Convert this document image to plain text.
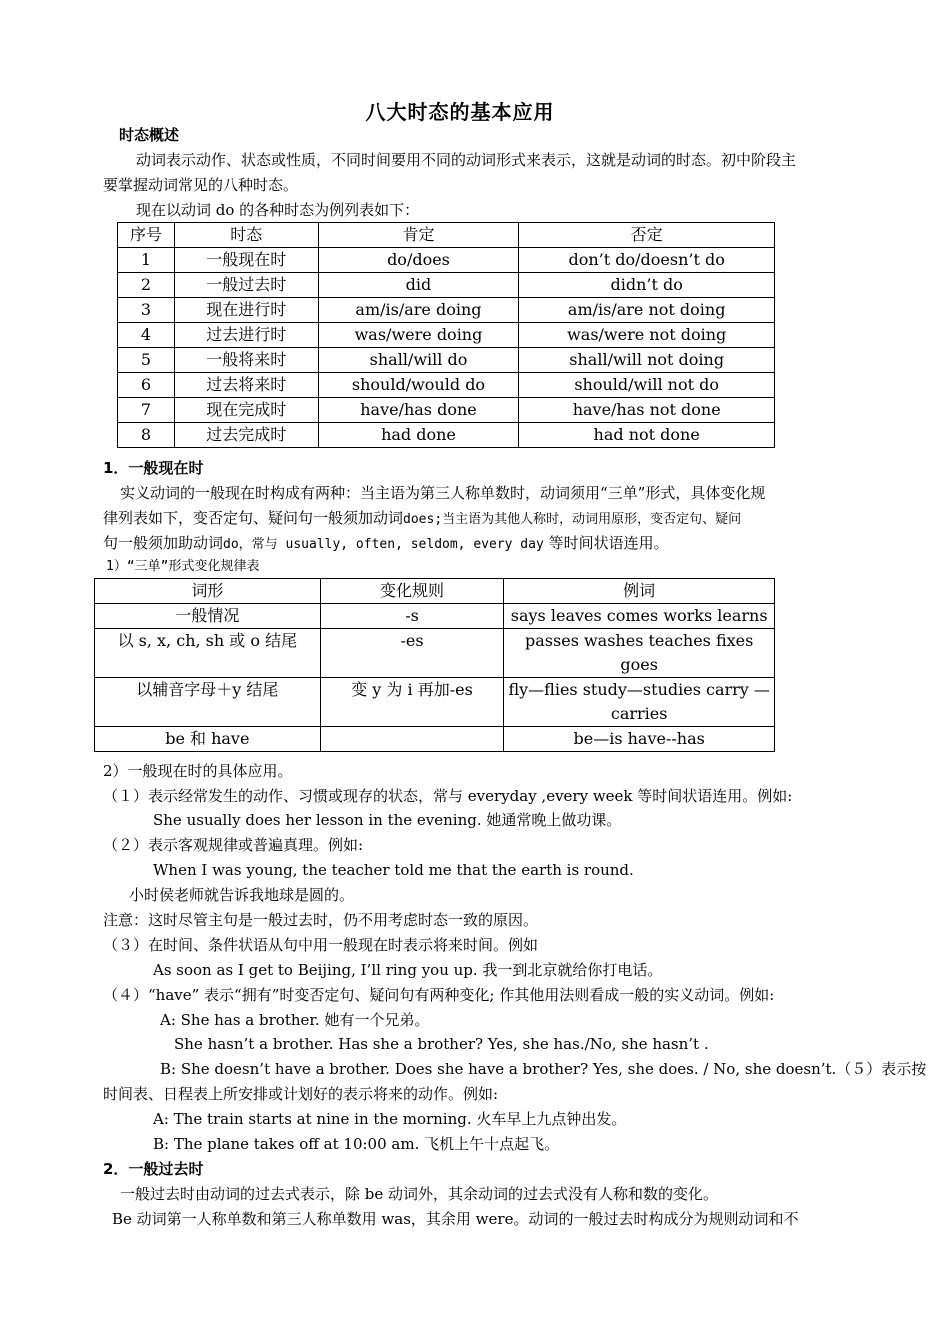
八大时态的基本应用
时态概述
动词表示动作、状态或性质，不同时间要用不同的动词形式来表示，这就是动词的时态。初中阶段主
要掌握动词常见的八种时态。
现在以动词 do 的各种时态为例列表如下：
序号	时态	肯定	否定
1	一般现在时	do/does	don’t do/doesn’t do
2	一般过去时	did	didn’t do
3	现在进行时	am/is/are doing	am/is/are not doing
4	过去进行时	was/were doing	was/were not doing
5	一般将来时	shall/will do	shall/will not doing
6	过去将来时	should/would do	should/will not do
7	现在完成时	have/has done	have/has not done
8	过去完成时	had done	had not done
1．一般现在时
实义动词的一般现在时构成有两种：当主语为第三人称单数时，动词须用“三单”形式，具体变化规
律列表如下，变否定句、疑问句一般须加动词does;当主语为其他人称时，动词用原形，变否定句、疑问
句一般须加助动词do，常与 usually, often, seldom, every day 等时间状语连用。
1）“三单”形式变化规律表
词形	变化规则	例词
一般情况	-s	says leaves comes works learns
以 s, x, ch, sh 或 o 结尾	-es	passes washes teaches fixes goes
以辅音字母＋y 结尾	变 y 为 i 再加-es	fly—flies study—studies carry —carries
be 和 have		be—is have--has
2）一般现在时的具体应用。
（１）表示经常发生的动作、习惯或现存的状态，常与 everyday ,every week 等时间状语连用。例如:
She usually does her lesson in the evening. 她通常晚上做功课。
（２）表示客观规律或普遍真理。例如:
When I was young, the teacher told me that the earth is round.
小时侯老师就告诉我地球是圆的。
注意：这时尽管主句是一般过去时，仍不用考虑时态一致的原因。
（３）在时间、条件状语从句中用一般现在时表示将来时间。例如
As soon as I get to Beijing, I’ll ring you up. 我一到北京就给你打电话。
（４）“have” 表示“拥有”时变否定句、疑问句有两种变化; 作其他用法则看成一般的实义动词。例如:
A: She has a brother. 她有一个兄弟。
She hasn’t a brother. Has she a brother? Yes, she has./No, she hasn’t .
B: She doesn’t have a brother. Does she have a brother? Yes, she does. / No, she doesn’t.（５）表示按
时间表、日程表上所安排或计划好的表示将来的动作。例如:
A: The train starts at nine in the morning. 火车早上九点钟出发。
B: The plane takes off at 10:00 am. 飞机上午十点起飞。
2．一般过去时
一般过去时由动词的过去式表示，除 be 动词外，其余动词的过去式没有人称和数的变化。
Be 动词第一人称单数和第三人称单数用 was，其余用 were。动词的一般过去时构成分为规则动词和不
